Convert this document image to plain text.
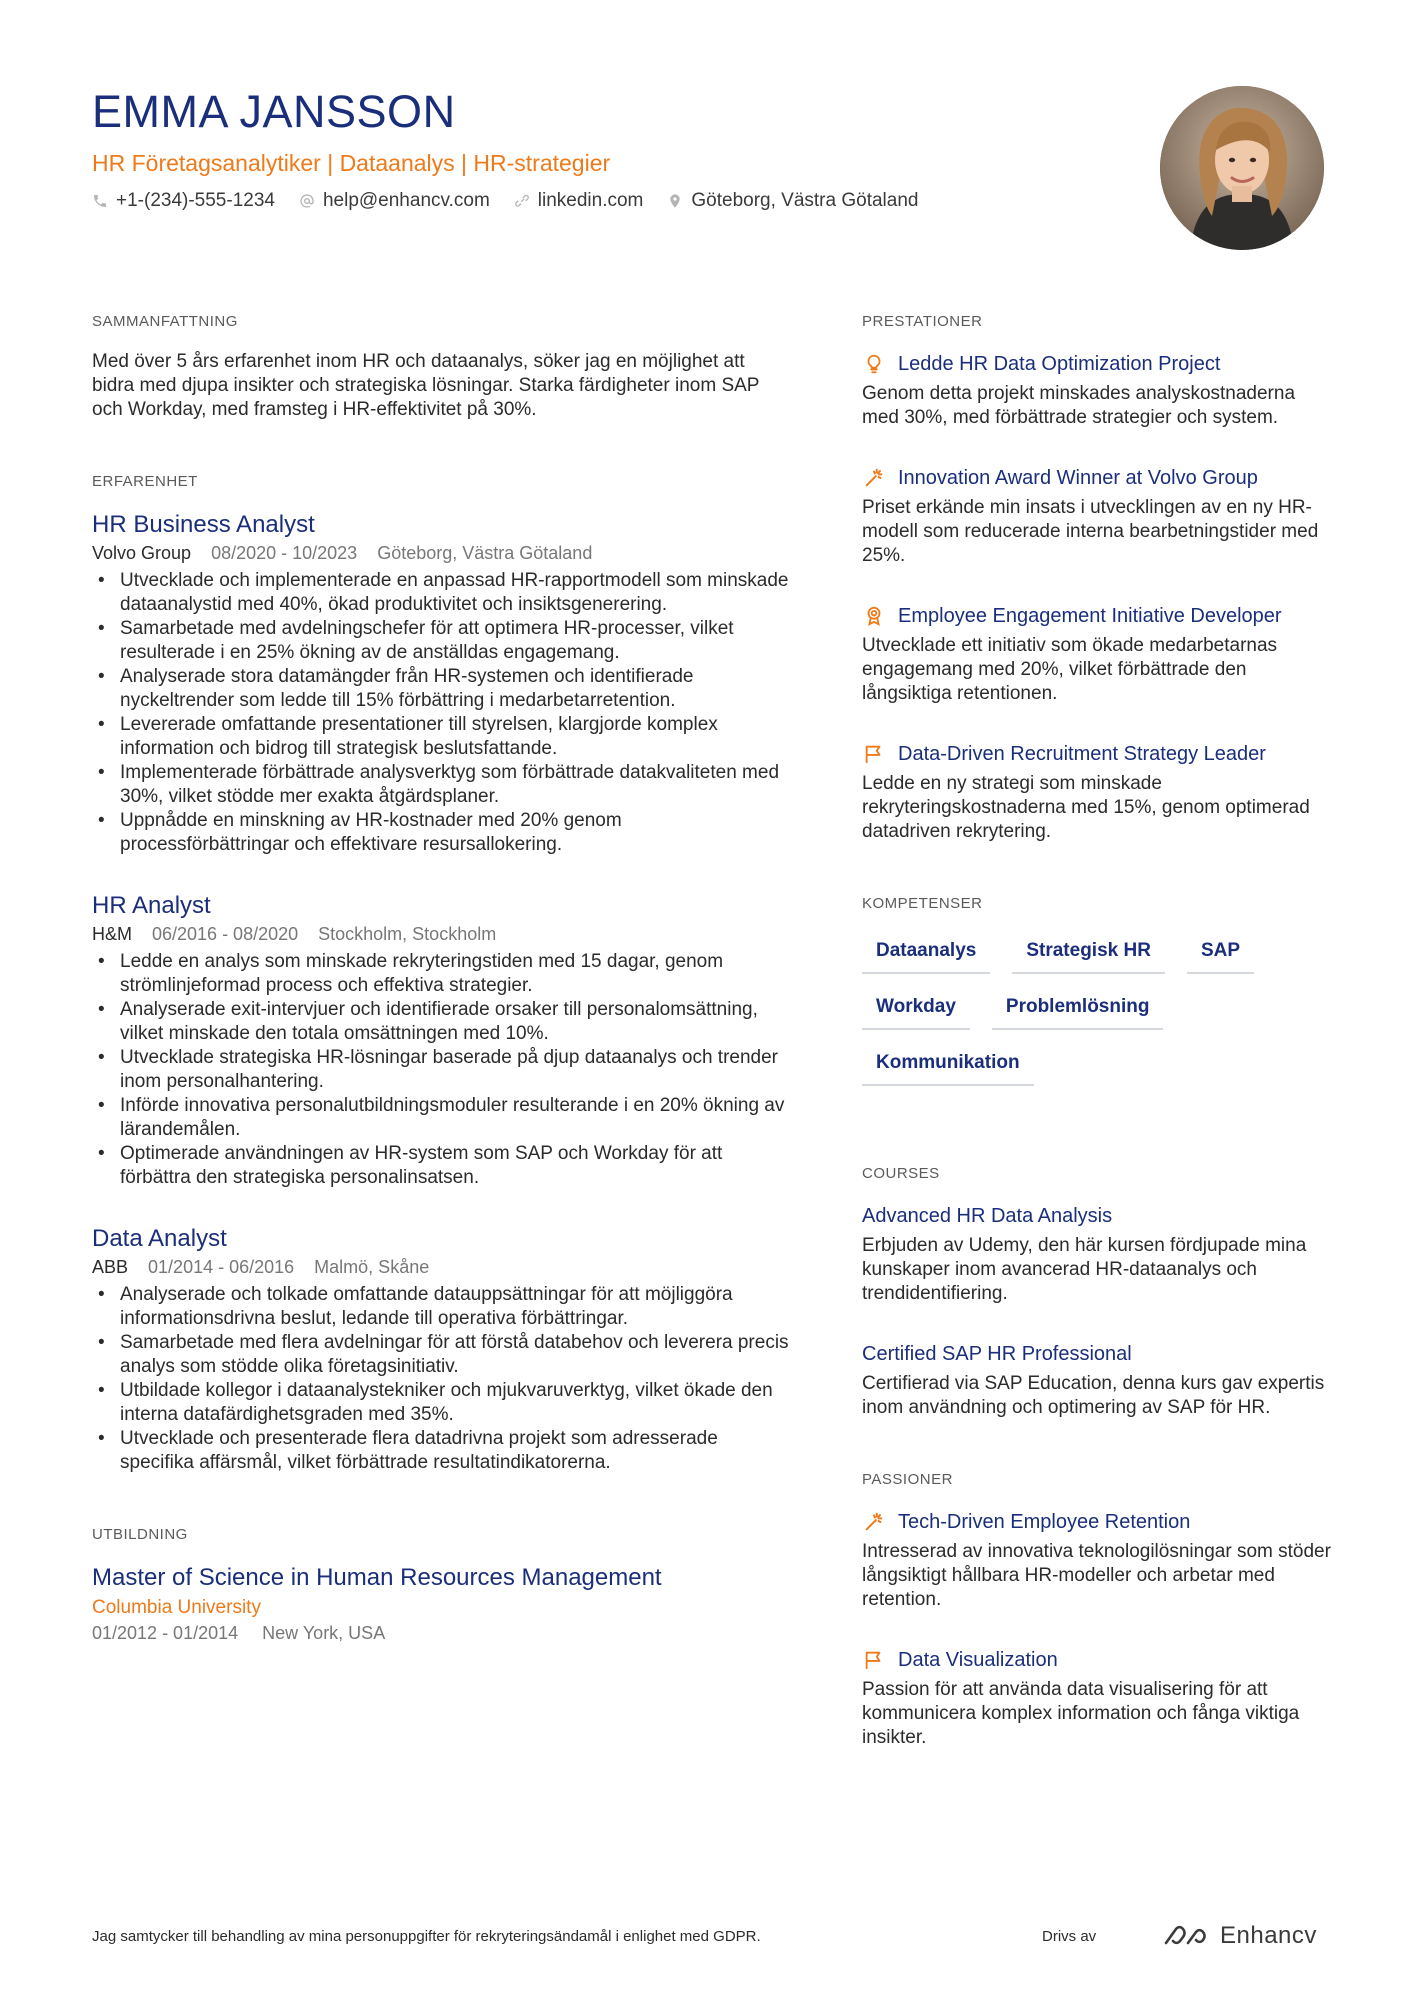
EMMA JANSSON
HR Företagsanalytiker | Dataanalys | HR-strategier
+1-(234)-555-1234	help@enhancv.com	linkedin.com	Göteborg, Västra Götaland
SAMMANFATTNING

Med över 5 års erfarenhet inom HR och dataanalys, söker jag en möjlighet att bidra med djupa insikter och strategiska lösningar. Starka färdigheter inom SAP och Workday, med framsteg i HR-effektivitet på 30%.

ERFARENHET
HR Business Analyst
Volvo Group 08/2020 - 10/2023 Göteborg, Västra Götaland
• Utvecklade och implementerade en anpassad HR-rapportmodell som minskade dataanalystid med 40%, ökad produktivitet och insiktsgenerering.
• Samarbetade med avdelningschefer för att optimera HR-processer, vilket resulterade i en 25% ökning av de anställdas engagemang.
• Analyserade stora datamängder från HR-systemen och identifierade nyckeltrender som ledde till 15% förbättring i medarbetarretention.
• Levererade omfattande presentationer till styrelsen, klargjorde komplex information och bidrog till strategisk beslutsfattande.
• Implementerade förbättrade analysverktyg som förbättrade datakvaliteten med 30%, vilket stödde mer exakta åtgärdsplaner.
• Uppnådde en minskning av HR-kostnader med 20% genom processförbättringar och effektivare resursallokering.
HR Analyst
H&M 06/2016 - 08/2020 Stockholm, Stockholm
• Ledde en analys som minskade rekryteringstiden med 15 dagar, genom strömlinjeformad process och effektiva strategier.
• Analyserade exit-intervjuer och identifierade orsaker till personalomsättning, vilket minskade den totala omsättningen med 10%.
• Utvecklade strategiska HR-lösningar baserade på djup dataanalys och trender inom personalhantering.
• Införde innovativa personalutbildningsmoduler resulterande i en 20% ökning av lärandemålen.
• Optimerade användningen av HR-system som SAP och Workday för att förbättra den strategiska personalinsatsen.
Data Analyst
ABB 01/2014 - 06/2016 Malmö, Skåne
• Analyserade och tolkade omfattande datauppsättningar för att möjliggöra informationsdrivna beslut, ledande till operativa förbättringar.
• Samarbetade med flera avdelningar för att förstå databehov och leverera precis analys som stödde olika företagsinitiativ.
• Utbildade kollegor i dataanalystekniker och mjukvaruverktyg, vilket ökade den interna datafärdighetsgraden med 35%.
• Utvecklade och presenterade flera datadrivna projekt som adresserade specifika affärsmål, vilket förbättrade resultatindikatorerna.
UTBILDNING
Master of Science in Human Resources Management
Columbia University
01/2012 - 01/2014 New York, USA
PRESTATIONER
Ledde HR Data Optimization Project

Genom detta projekt minskades analyskostnaderna med 30%, med förbättrade strategier och system.

Innovation Award Winner at Volvo Group

Priset erkände min insats i utvecklingen av en ny HR-modell som reducerade interna bearbetningstider med 25%.

Employee Engagement Initiative Developer

Utvecklade ett initiativ som ökade medarbetarnas engagemang med 20%, vilket förbättrade den långsiktiga retentionen.

Data-Driven Recruitment Strategy Leader

Ledde en ny strategi som minskade rekryteringskostnaderna med 15%, genom optimerad datadriven rekrytering.

KOMPETENSER
Dataanalys	Strategisk HR	SAP
Workday	Problemlösning
Kommunikation
COURSES
Advanced HR Data Analysis

Erbjuden av Udemy, den här kursen fördjupade mina kunskaper inom avancerad HR-dataanalys och trendidentifiering.

Certified SAP HR Professional

Certifierad via SAP Education, denna kurs gav expertis inom användning och optimering av SAP för HR.

PASSIONER
Tech-Driven Employee Retention

Intresserad av innovativa teknologilösningar som stöder långsiktigt hållbara HR-modeller och arbetar med retention.

Data Visualization

Passion för att använda data visualisering för att kommunicera komplex information och fånga viktiga insikter.

Jag samtycker till behandling av mina personuppgifter för rekryteringsändamål i enlighet med GDPR.	Drivs av	Enhancv
